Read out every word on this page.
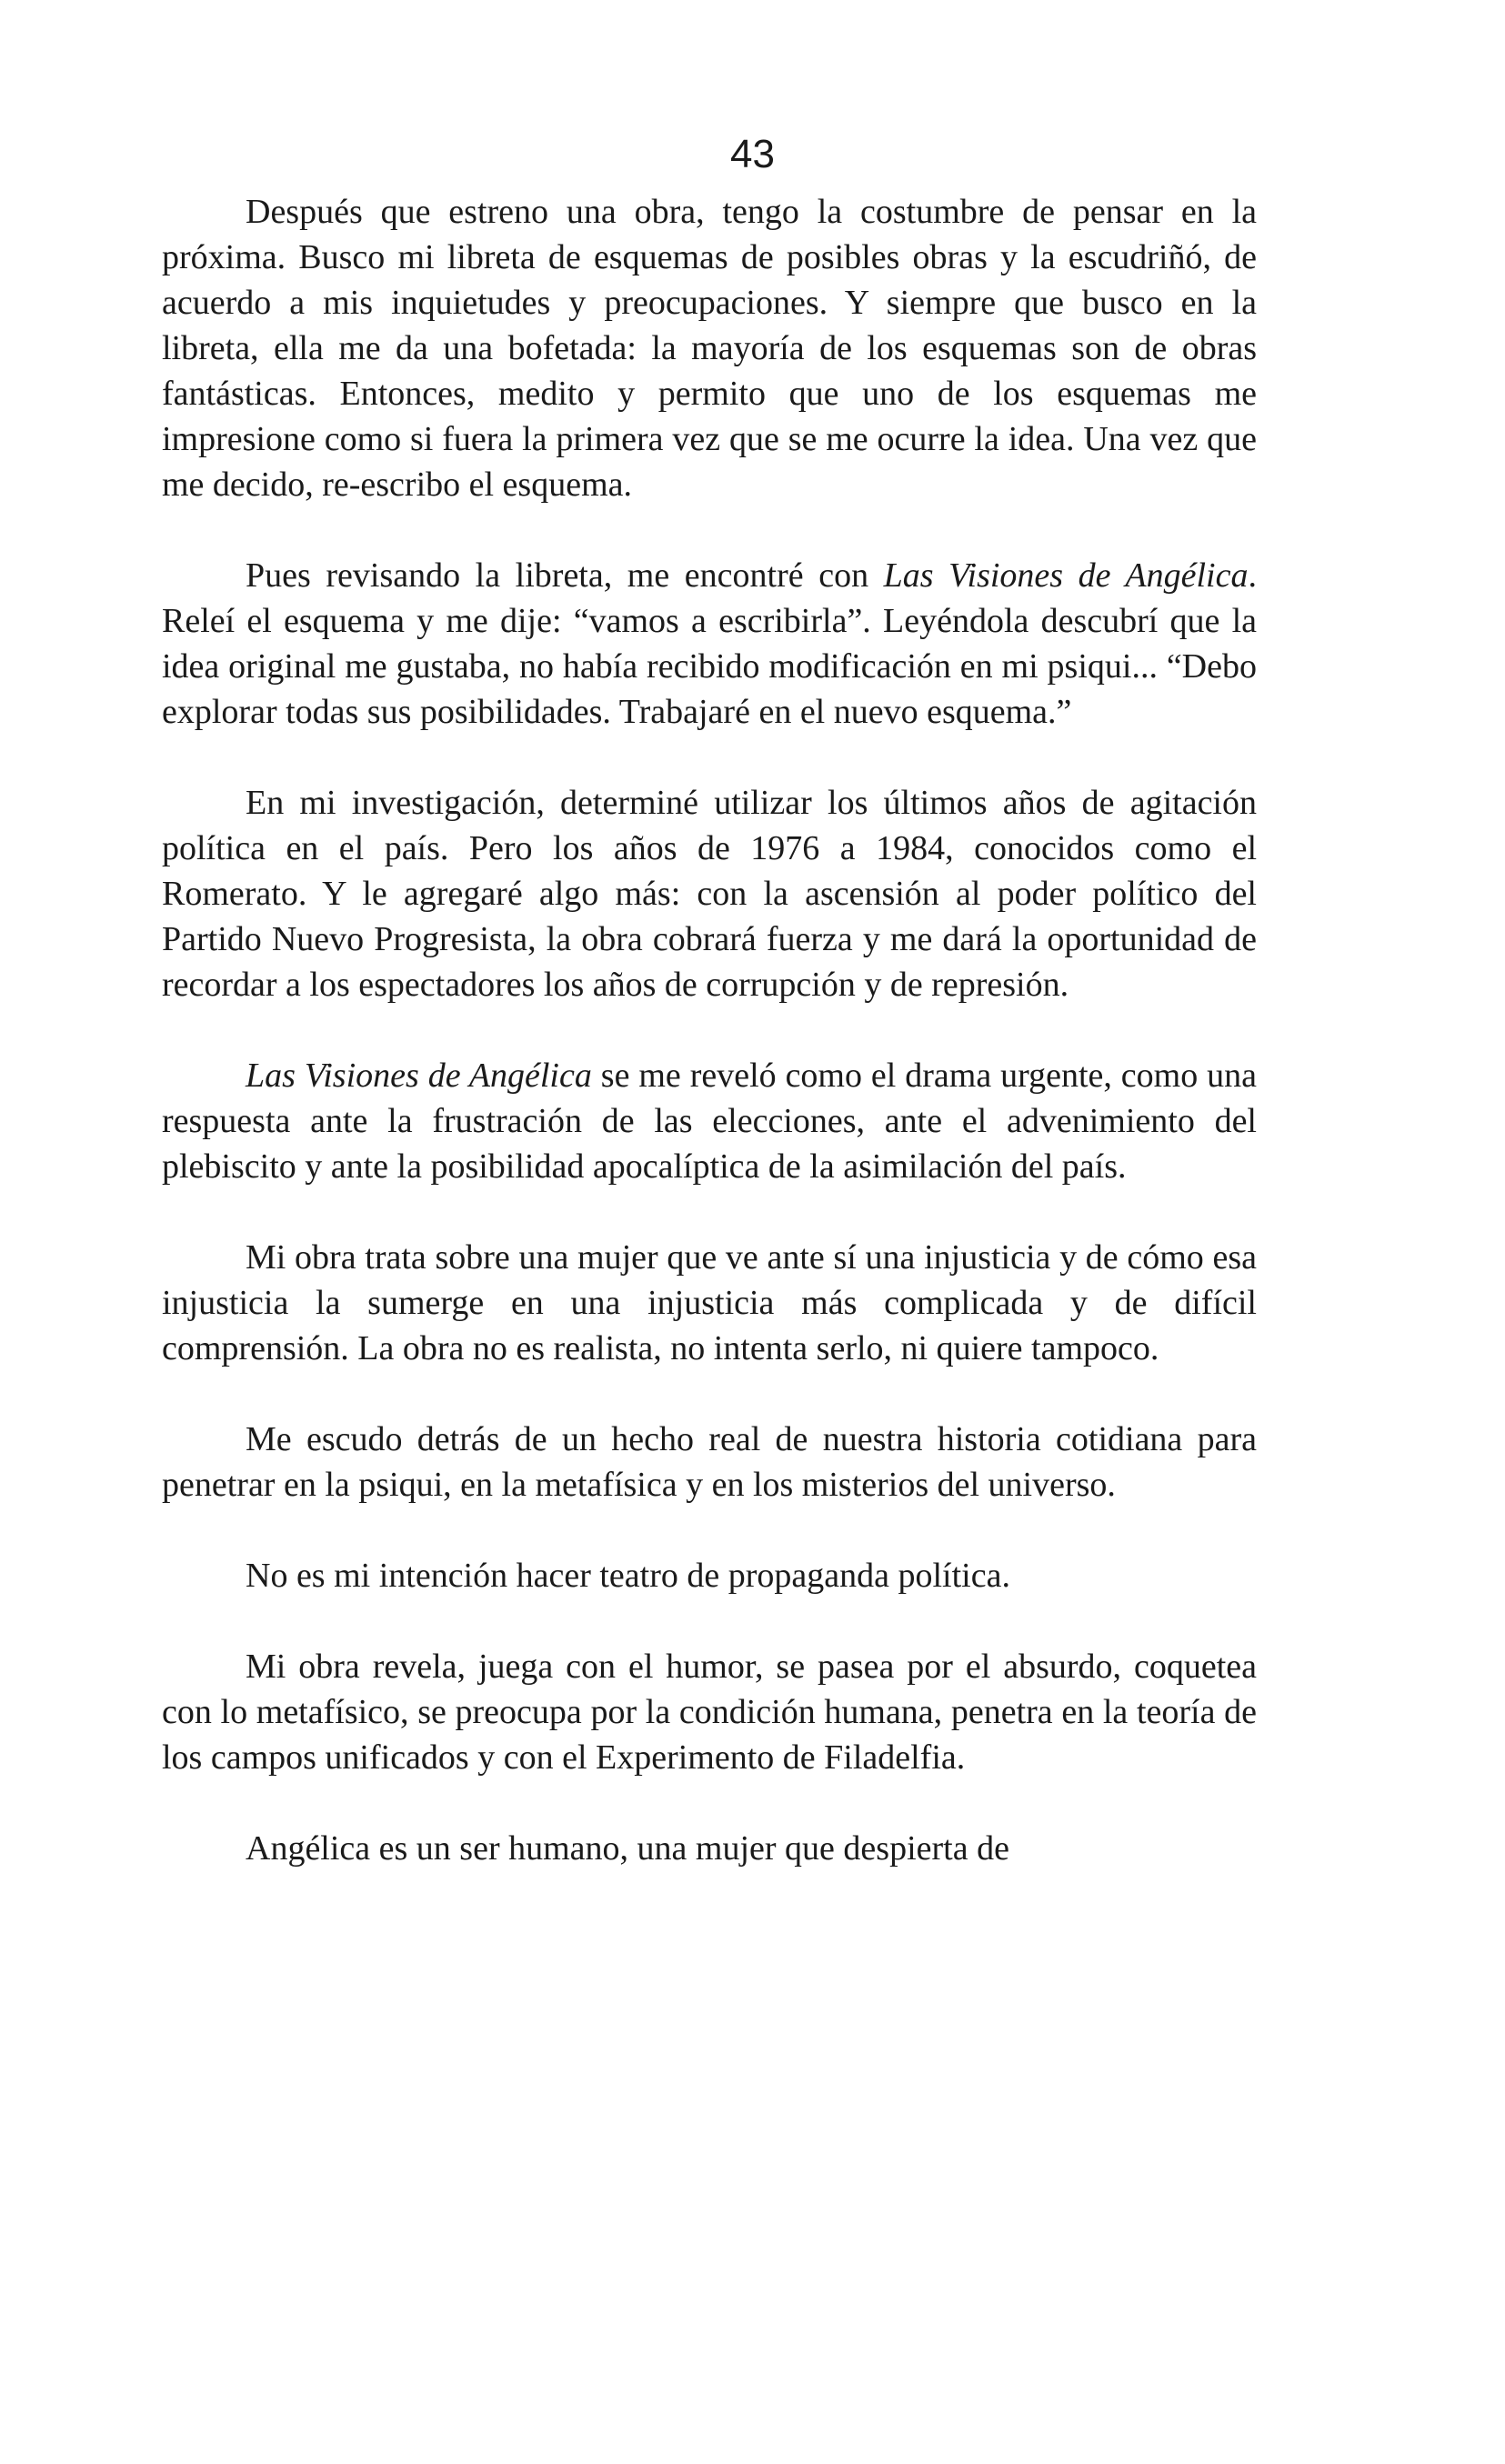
43

Después que estreno una obra, tengo la costumbre de pensar en la próxima. Busco mi libreta de esquemas de posibles obras y la escudriñó, de acuerdo a mis inquietudes y preocupaciones. Y siempre que busco en la libreta, ella me da una bofetada: la mayoría de los esquemas son de obras fantásticas. Entonces, medito y permito que uno de los esquemas me impresione como si fuera la primera vez que se me ocurre la idea. Una vez que me decido, re-escribo el esquema.

Pues revisando la libreta, me encontré con Las Visiones de Angélica. Releí el esquema y me dije: “vamos a escribirla”. Leyéndola descubrí que la idea original me gustaba, no había recibido modificación en mi psiqui... “Debo explorar todas sus posibilidades. Trabajaré en el nuevo esquema.”

En mi investigación, determiné utilizar los últimos años de agitación política en el país. Pero los años de 1976 a 1984, conocidos como el Romerato. Y le agregaré algo más: con la ascensión al poder político del Partido Nuevo Progresista, la obra cobrará fuerza y me dará la oportunidad de recordar a los espectadores los años de corrupción y de represión.

Las Visiones de Angélica se me reveló como el drama urgente, como una respuesta ante la frustración de las elecciones, ante el advenimiento del plebiscito y ante la posibilidad apocalíptica de la asimilación del país.

Mi obra trata sobre una mujer que ve ante sí una injusticia y de cómo esa injusticia la sumerge en una injusticia más complicada y de difícil comprensión. La obra no es realista, no intenta serlo, ni quiere tampoco.

Me escudo detrás de un hecho real de nuestra historia cotidiana para penetrar en la psiqui, en la metafísica y en los misterios del universo.

No es mi intención hacer teatro de propaganda política.

Mi obra revela, juega con el humor, se pasea por el absurdo, coquetea con lo metafísico, se preocupa por la condición humana, penetra en la teoría de los campos unificados y con el Experimento de Filadelfia.

Angélica es un ser humano, una mujer que despierta de
